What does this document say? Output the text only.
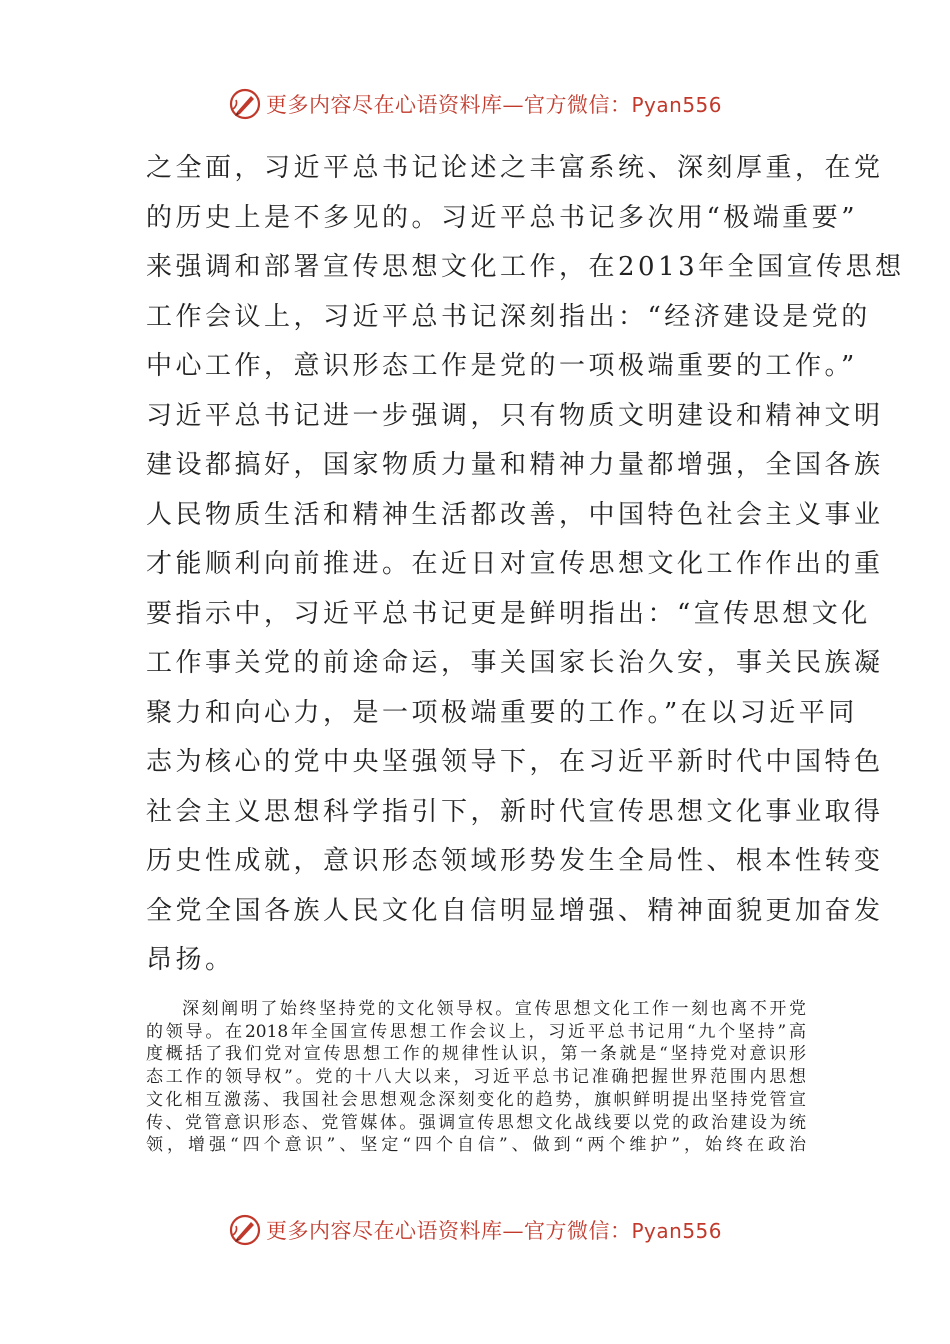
更多内容尽在心语资料库—官方微信：Pyan556
之全面，习近平总书记论述之丰富系统、深刻厚重，在党
的历史上是不多见的。习近平总书记多次用“极端重要”
来强调和部署宣传思想文化工作，在2013年全国宣传思想
工作会议上，习近平总书记深刻指出：“经济建设是党的
中心工作，意识形态工作是党的一项极端重要的工作。”
习近平总书记进一步强调，只有物质文明建设和精神文明
建设都搞好，国家物质力量和精神力量都增强，全国各族
人民物质生活和精神生活都改善，中国特色社会主义事业
才能顺利向前推进。在近日对宣传思想文化工作作出的重
要指示中，习近平总书记更是鲜明指出：“宣传思想文化
工作事关党的前途命运，事关国家长治久安，事关民族凝
聚力和向心力，是一项极端重要的工作。”在以习近平同
志为核心的党中央坚强领导下，在习近平新时代中国特色
社会主义思想科学指引下，新时代宣传思想文化事业取得
历史性成就，意识形态领域形势发生全局性、根本性转变
全党全国各族人民文化自信明显增强、精神面貌更加奋发
昂扬。
深刻阐明了始终坚持党的文化领导权。宣传思想文化工作一刻也离不开党
的领导。在2018年全国宣传思想工作会议上，习近平总书记用“九个坚持”高
度概括了我们党对宣传思想工作的规律性认识，第一条就是“坚持党对意识形
态工作的领导权”。党的十八大以来，习近平总书记准确把握世界范围内思想
文化相互激荡、我国社会思想观念深刻变化的趋势，旗帜鲜明提出坚持党管宣
传、党管意识形态、党管媒体。强调宣传思想文化战线要以党的政治建设为统
领，增强“四个意识”、坚定“四个自信”、做到“两个维护”，始终在政治
更多内容尽在心语资料库—官方微信：Pyan556
